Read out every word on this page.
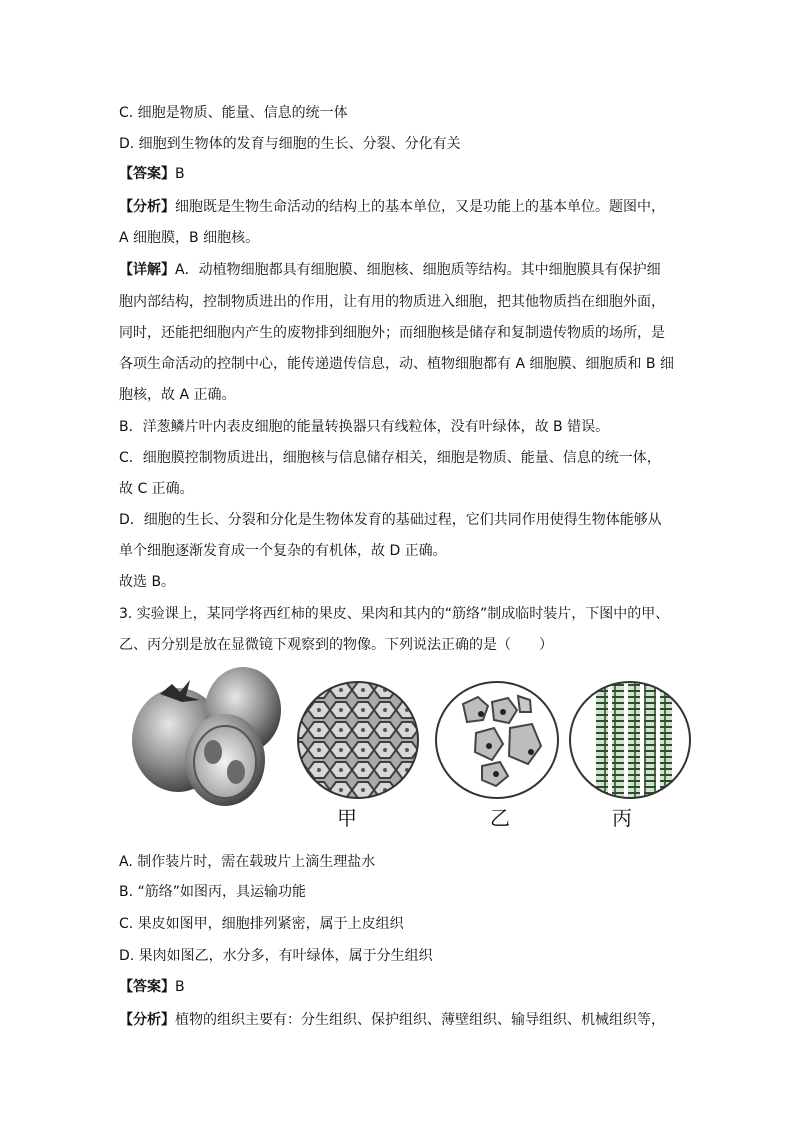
C. 细胞是物质、能量、信息的统一体
D. 细胞到生物体的发育与细胞的生长、分裂、分化有关
【答案】B
【分析】细胞既是生物生命活动的结构上的基本单位，又是功能上的基本单位。题图中，
A 细胞膜，B 细胞核。
【详解】A．动植物细胞都具有细胞膜、细胞核、细胞质等结构。其中细胞膜具有保护细
胞内部结构，控制物质进出的作用，让有用的物质进入细胞，把其他物质挡在细胞外面，
同时，还能把细胞内产生的废物排到细胞外；而细胞核是储存和复制遗传物质的场所，是
各项生命活动的控制中心，能传递遗传信息，动、植物细胞都有 A 细胞膜、细胞质和 B 细
胞核，故 A 正确。
B．洋葱鳞片叶内表皮细胞的能量转换器只有线粒体，没有叶绿体，故 B 错误。
C．细胞膜控制物质进出，细胞核与信息储存相关，细胞是物质、能量、信息的统一体，
故 C 正确。
D．细胞的生长、分裂和分化是生物体发育的基础过程，它们共同作用使得生物体能够从
单个细胞逐渐发育成一个复杂的有机体，故 D 正确。
故选 B。
3. 实验课上，某同学将西红柿的果皮、果肉和其内的“筋络”制成临时装片，下图中的甲、
乙、丙分别是放在显微镜下观察到的物像。下列说法正确的是（　　）
甲	乙	丙
A. 制作装片时，需在载玻片上滴生理盐水
B. “筋络”如图丙，具运输功能
C. 果皮如图甲，细胞排列紧密，属于上皮组织
D. 果肉如图乙，水分多，有叶绿体，属于分生组织
【答案】B
【分析】植物的组织主要有：分生组织、保护组织、薄壁组织、输导组织、机械组织等，
